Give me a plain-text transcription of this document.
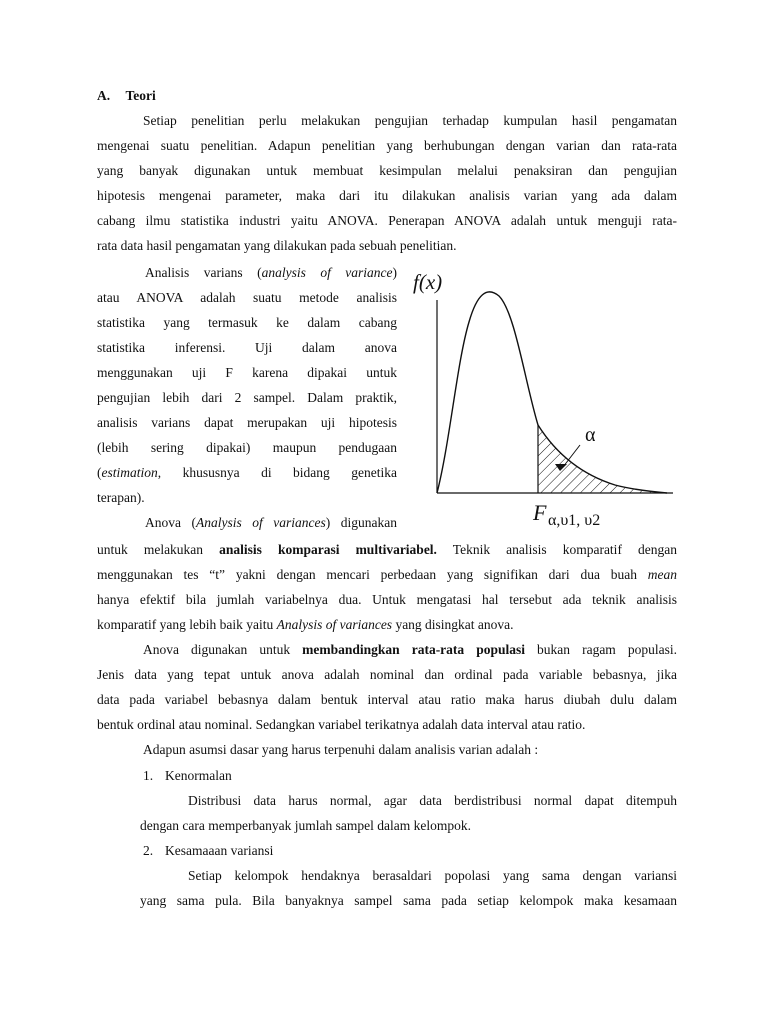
A. Teori
Setiap penelitian perlu melakukan pengujian terhadap kumpulan hasil pengamatan
mengenai suatu penelitian. Adapun penelitian yang berhubungan dengan varian dan rata-rata
yang banyak digunakan untuk membuat kesimpulan melalui penaksiran dan pengujian
hipotesis mengenai parameter, maka dari itu dilakukan analisis varian yang ada dalam
cabang ilmu statistika industri yaitu ANOVA. Penerapan ANOVA adalah untuk menguji rata-
rata data hasil pengamatan yang dilakukan pada sebuah penelitian.
Analisis varians (analysis of variance)
atau ANOVA adalah suatu metode analisis
statistika yang termasuk ke dalam cabang
statistika inferensi. Uji dalam anova
menggunakan uji F karena dipakai untuk
pengujian lebih dari 2 sampel. Dalam praktik,
analisis varians dapat merupakan uji hipotesis
(lebih sering dipakai) maupun pendugaan
(estimation, khususnya di bidang genetika
terapan).
Anova (Analysis of variances) digunakan
untuk melakukan analisis komparasi multivariabel. Teknik analisis komparatif dengan
menggunakan tes “t” yakni dengan mencari perbedaan yang signifikan dari dua buah mean
hanya efektif bila jumlah variabelnya dua. Untuk mengatasi hal tersebut ada teknik analisis
komparatif yang lebih baik yaitu Analysis of variances yang disingkat anova.
Anova digunakan untuk membandingkan rata-rata populasi bukan ragam populasi.
Jenis data yang tepat untuk anova adalah nominal dan ordinal pada variable bebasnya, jika
data pada variabel bebasnya dalam bentuk interval atau ratio maka harus diubah dulu dalam
bentuk ordinal atau nominal. Sedangkan variabel terikatnya adalah data interval atau ratio.
Adapun asumsi dasar yang harus terpenuhi dalam analisis varian adalah :
1. Kenormalan
Distribusi data harus normal, agar data berdistribusi normal dapat ditempuh
dengan cara memperbanyak jumlah sampel dalam kelompok.
2. Kesamaaan variansi
Setiap kelompok hendaknya berasaldari popolasi yang sama dengan variansi
yang sama pula. Bila banyaknya sampel sama pada setiap kelompok maka kesamaan
f(x)
α
F α,υ1, υ2
